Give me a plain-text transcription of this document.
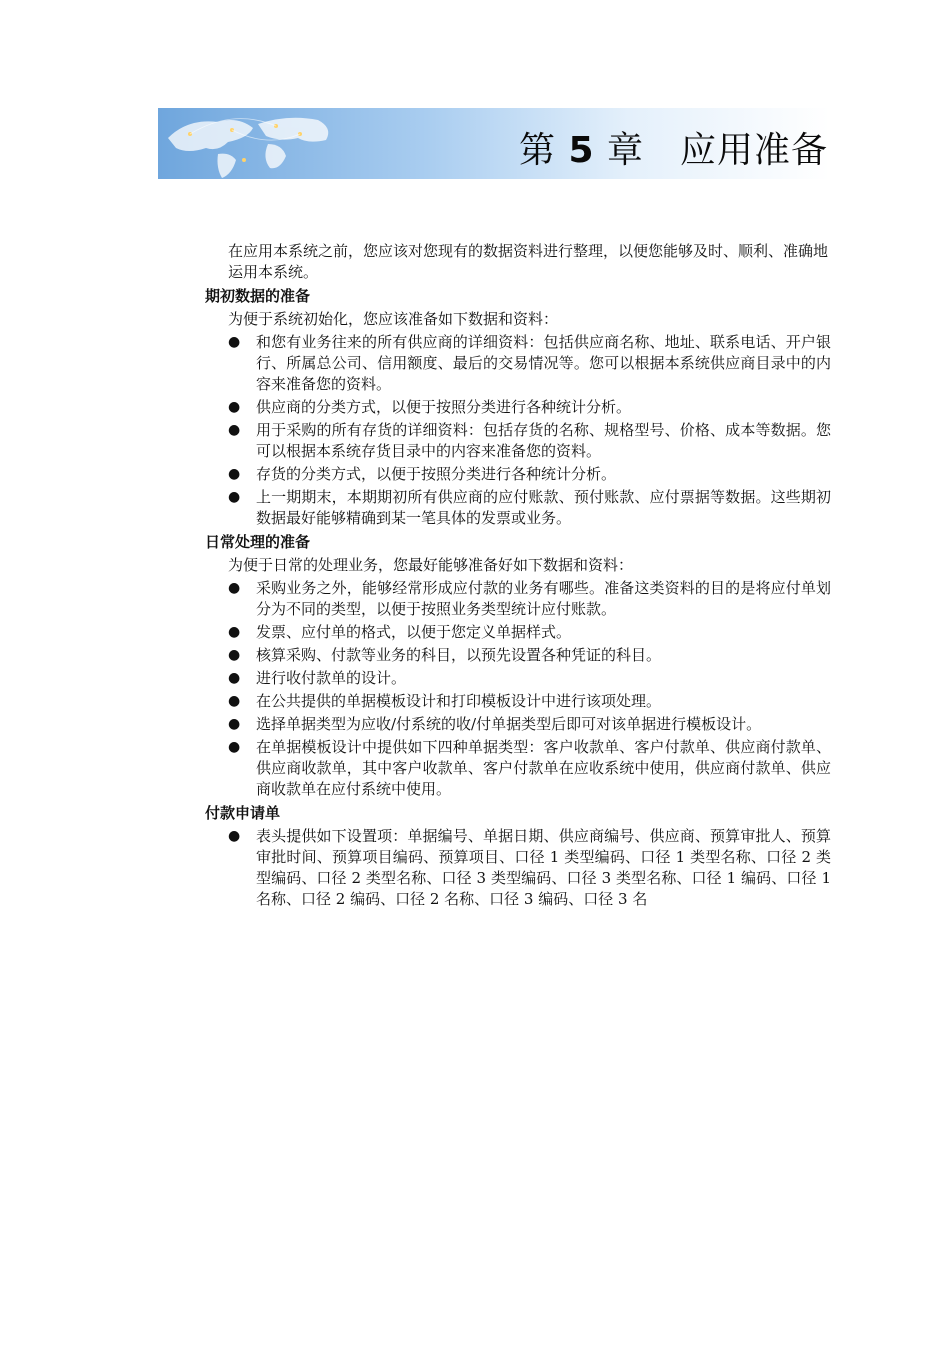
第 5 章 应用准备

在应用本系统之前，您应该对您现有的数据资料进行整理，以便您能够及时、顺利、准确地运用本系统。

期初数据的准备

为便于系统初始化，您应该准备如下数据和资料：

● 和您有业务往来的所有供应商的详细资料：包括供应商名称、地址、联系电话、开户银行、所属总公司、信用额度、最后的交易情况等。您可以根据本系统供应商目录中的内容来准备您的资料。
● 供应商的分类方式，以便于按照分类进行各种统计分析。
● 用于采购的所有存货的详细资料：包括存货的名称、规格型号、价格、成本等数据。您可以根据本系统存货目录中的内容来准备您的资料。
● 存货的分类方式，以便于按照分类进行各种统计分析。
● 上一期期末，本期期初所有供应商的应付账款、预付账款、应付票据等数据。这些期初数据最好能够精确到某一笔具体的发票或业务。
日常处理的准备

为便于日常的处理业务，您最好能够准备好如下数据和资料：

● 采购业务之外，能够经常形成应付款的业务有哪些。准备这类资料的目的是将应付单划分为不同的类型，以便于按照业务类型统计应付账款。
● 发票、应付单的格式，以便于您定义单据样式。
● 核算采购、付款等业务的科目，以预先设置各种凭证的科目。
● 进行收付款单的设计。
● 在公共提供的单据模板设计和打印模板设计中进行该项处理。
● 选择单据类型为应收/付系统的收/付单据类型后即可对该单据进行模板设计。
● 在单据模板设计中提供如下四种单据类型：客户收款单、客户付款单、供应商付款单、供应商收款单，其中客户收款单、客户付款单在应收系统中使用，供应商付款单、供应商收款单在应付系统中使用。
付款申请单
● 表头提供如下设置项：单据编号、单据日期、供应商编号、供应商、预算审批人、预算审批时间、预算项目编码、预算项目、口径 1 类型编码、口径 1 类型名称、口径 2 类型编码、口径 2 类型名称、口径 3 类型编码、口径 3 类型名称、口径 1 编码、口径 1 名称、口径 2 编码、口径 2 名称、口径 3 编码、口径 3 名
